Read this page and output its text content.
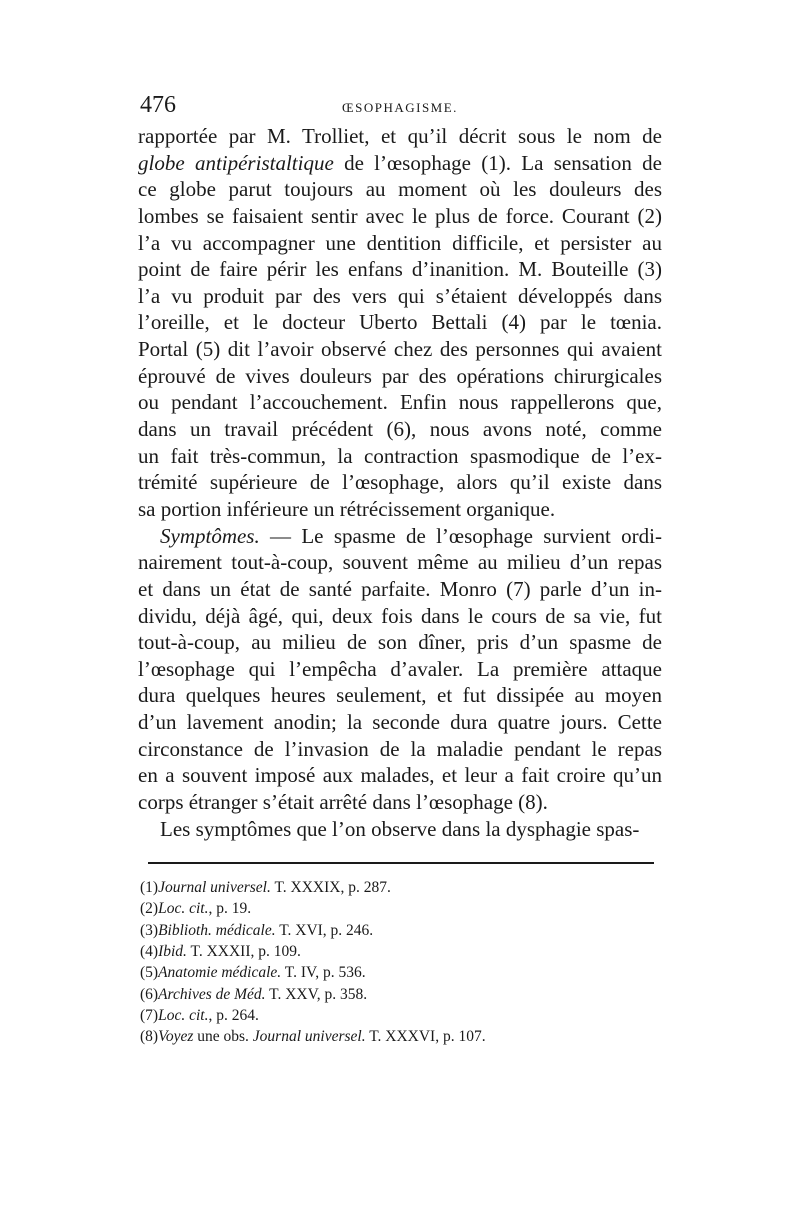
476	ŒSOPHAGISME.
rapportée par M. Trolliet, et qu’il décrit sous le nom de
globe antipéristaltique de l’œsophage (1). La sensation de
ce globe parut toujours au moment où les douleurs des
lombes se faisaient sentir avec le plus de force. Courant (2)
l’a vu accompagner une dentition difficile, et persister au
point de faire périr les enfans d’inanition. M. Bouteille (3)
l’a vu produit par des vers qui s’étaient développés dans
l’oreille, et le docteur Uberto Bettali (4) par le tœnia.
Portal (5) dit l’avoir observé chez des personnes qui avaient
éprouvé de vives douleurs par des opérations chirurgicales
ou pendant l’accouchement. Enfin nous rappellerons que,
dans un travail précédent (6), nous avons noté, comme
un fait très-commun, la contraction spasmodique de l’ex-
trémité supérieure de l’œsophage, alors qu’il existe dans
sa portion inférieure un rétrécissement organique.
Symptômes. — Le spasme de l’œsophage survient ordi-
nairement tout-à-coup, souvent même au milieu d’un repas
et dans un état de santé parfaite. Monro (7) parle d’un in-
dividu, déjà âgé, qui, deux fois dans le cours de sa vie, fut
tout-à-coup, au milieu de son dîner, pris d’un spasme de
l’œsophage qui l’empêcha d’avaler. La première attaque
dura quelques heures seulement, et fut dissipée au moyen
d’un lavement anodin; la seconde dura quatre jours. Cette
circonstance de l’invasion de la maladie pendant le repas
en a souvent imposé aux malades, et leur a fait croire qu’un
corps étranger s’était arrêté dans l’œsophage (8).
Les symptômes que l’on observe dans la dysphagie spas-
(1)Journal universel. T. XXXIX, p. 287.
(2)Loc. cit., p. 19.
(3)Biblioth. médicale. T. XVI, p. 246.
(4)Ibid. T. XXXII, p. 109.
(5)Anatomie médicale. T. IV, p. 536.
(6)Archives de Méd. T. XXV, p. 358.
(7)Loc. cit., p. 264.
(8)Voyez une obs. Journal universel. T. XXXVI, p. 107.
